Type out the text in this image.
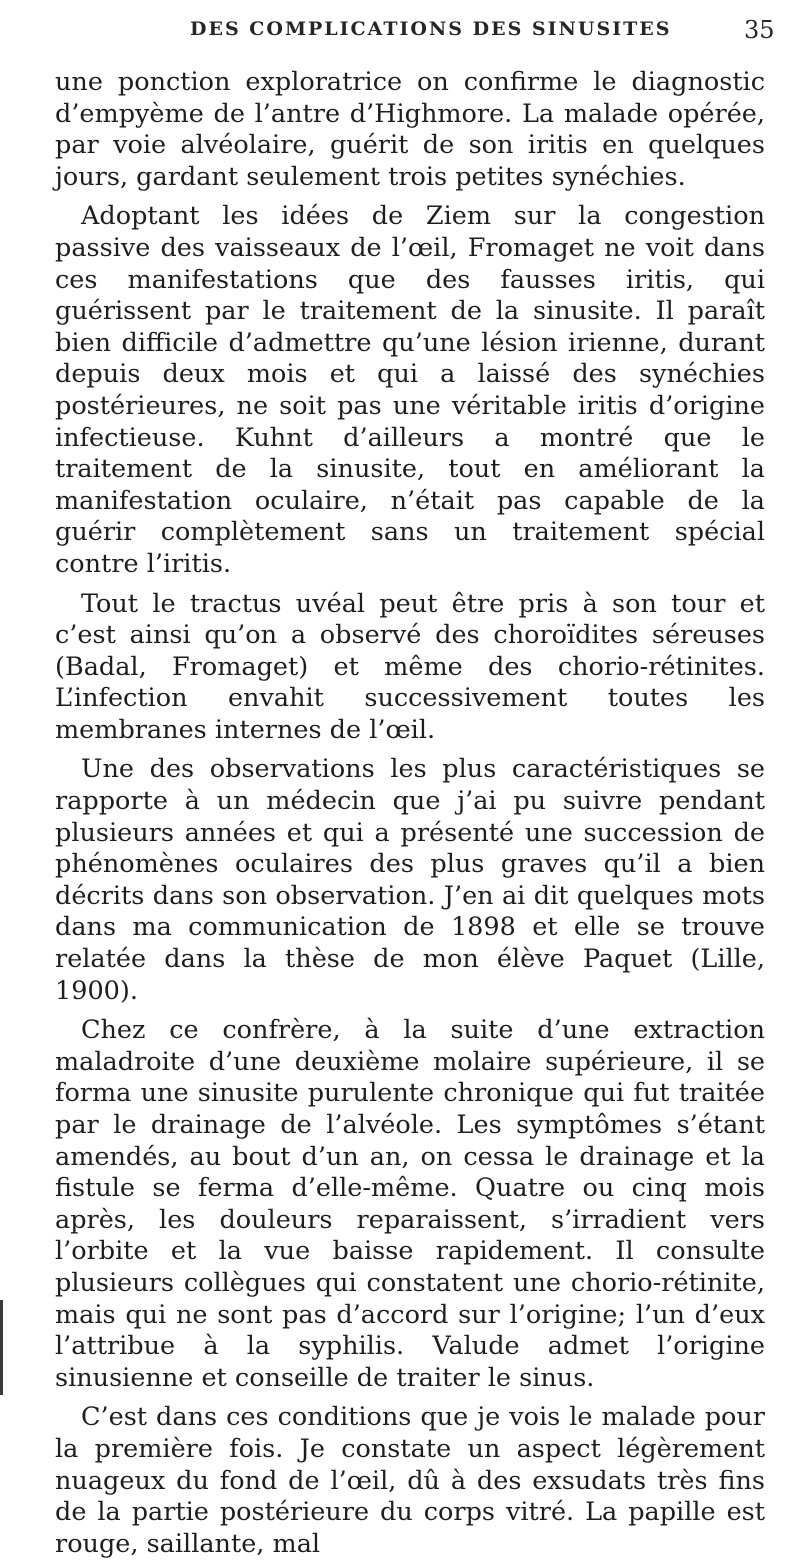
DES COMPLICATIONS DES SINUSITES	35

une ponction exploratrice on confirme le diagnostic d’empyème de l’antre d’Highmore. La malade opérée, par voie alvéolaire, guérit de son iritis en quelques jours, gardant seulement trois petites synéchies.

Adoptant les idées de Ziem sur la congestion passive des vaisseaux de l’œil, Fromaget ne voit dans ces manifestations que des fausses iritis, qui guérissent par le traitement de la sinusite. Il paraît bien difficile d’admettre qu’une lésion irienne, durant depuis deux mois et qui a laissé des synéchies postérieures, ne soit pas une véritable iritis d’origine infectieuse. Kuhnt d’ailleurs a montré que le traitement de la sinusite, tout en améliorant la manifestation oculaire, n’était pas capable de la guérir complètement sans un traitement spécial contre l’iritis.

Tout le tractus uvéal peut être pris à son tour et c’est ainsi qu’on a observé des choroïdites séreuses (Badal, Fromaget) et même des chorio-rétinites. L’infection envahit successivement toutes les membranes internes de l’œil.

Une des observations les plus caractéristiques se rapporte à un médecin que j’ai pu suivre pendant plusieurs années et qui a présenté une succession de phénomènes oculaires des plus graves qu’il a bien décrits dans son observation. J’en ai dit quelques mots dans ma communication de 1898 et elle se trouve relatée dans la thèse de mon élève Paquet (Lille, 1900).

Chez ce confrère, à la suite d’une extraction maladroite d’une deuxième molaire supérieure, il se forma une sinusite purulente chronique qui fut traitée par le drainage de l’alvéole. Les symptômes s’étant amendés, au bout d’un an, on cessa le drainage et la fistule se ferma d’elle-même. Quatre ou cinq mois après, les douleurs reparaissent, s’irradient vers l’orbite et la vue baisse rapidement. Il consulte plusieurs collègues qui constatent une chorio-rétinite, mais qui ne sont pas d’accord sur l’origine; l’un d’eux l’attribue à la syphilis. Valude admet l’origine sinusienne et conseille de traiter le sinus.

C’est dans ces conditions que je vois le malade pour la première fois. Je constate un aspect légèrement nuageux du fond de l’œil, dû à des exsudats très fins de la partie postérieure du corps vitré. La papille est rouge, saillante, mal
